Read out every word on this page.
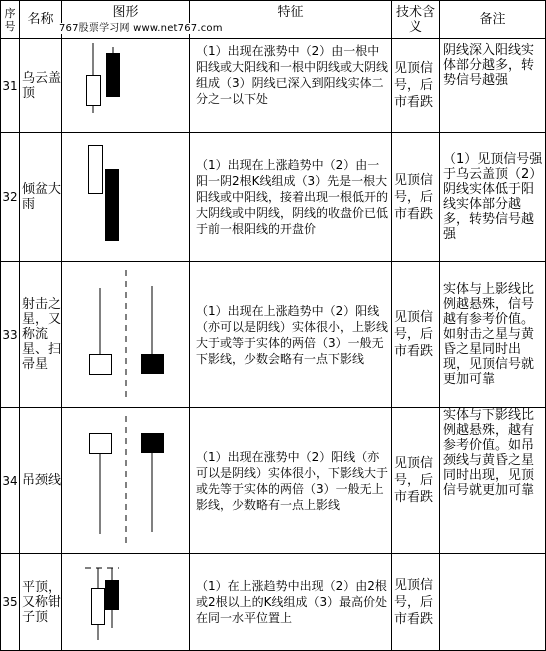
序号	名称	图形	特征	技术含义	备注
31	乌云盖顶	767股票学习网 www.net767.com	（1）出现在涨势中（2）由一根中阳线或大阳线和一根中阴线或大阴线组成（3）阴线已深入到阳线实体二分之一以下处	见顶信号，后市看跌	阴线深入阳线实体部分越多，转势信号越强
32	倾盆大雨		（1）出现在上涨趋势中（2）由一阳一阴2根K线组成（3）先是一根大阳线或中阳线，接着出现一根低开的大阴线或中阴线，阴线的收盘价已低于前一根阳线的开盘价	见顶信号，后市看跌	（1）见顶信号强于乌云盖顶（2）阴线实体低于阳线实体部分越多，转势信号越强
33	射击之星，又称流星、扫帚星		（1）出现在上涨趋势中（2）阳线（亦可以是阴线）实体很小，上影线大于或等于实体的两倍（3）一般无下影线，少数会略有一点下影线	见顶信号，后市看跌	实体与上影线比例越悬殊，信号越有参考价值。如射击之星与黄昏之星同时出现，见顶信号就更加可靠
34	吊颈线		（1）出现在涨势中（2）阳线（亦可以是阴线）实体很小，下影线大于或先等于实体的两倍（3）一般无上影线，少数略有一点上影线	见顶信号，后市看跌	实体与下影线比例越悬殊，越有参考价值。如吊颈线与黄昏之星同时出现，见顶信号就更加可靠
35	平顶，又称钳子顶		（1）在上涨趋势中出现（2）由2根或2根以上的K线组成（3）最高价处在同一水平位置上	见顶信号，后市看跌	
